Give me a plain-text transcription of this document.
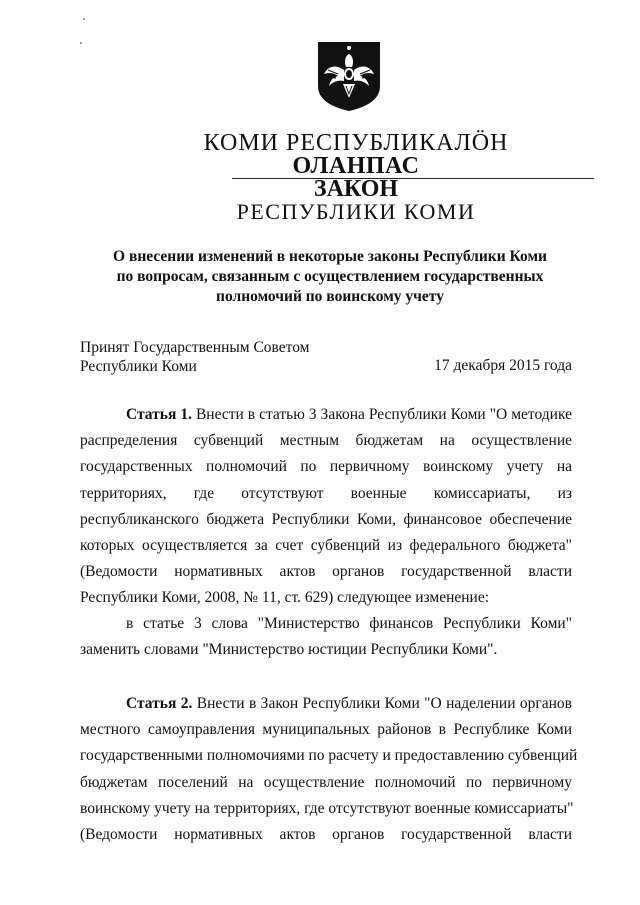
КОМИ РЕСПУБЛИКАЛӦН
ОЛАНПАС
ЗАКОН
РЕСПУБЛИКИ КОМИ
О внесении изменений в некоторые законы Республики Коми
по вопросам, связанным с осуществлением государственных
полномочий по воинскому учету
Принят Государственным Советом
Республики Коми	17 декабря 2015 года
Статья 1. Внести в статью 3 Закона Республики Коми "О методике
распределения субвенций местным бюджетам на осуществление
государственных полномочий по первичному воинскому учету на
территориях, где отсутствуют военные комиссариаты, из
республиканского бюджета Республики Коми, финансовое обеспечение
которых осуществляется за счет субвенций из федерального бюджета"
(Ведомости нормативных актов органов государственной власти
Республики Коми, 2008, № 11, ст. 629) следующее изменение:
в статье 3 слова "Министерство финансов Республики Коми"
заменить словами "Министерство юстиции Республики Коми".
Статья 2. Внести в Закон Республики Коми "О наделении органов
местного самоуправления муниципальных районов в Республике Коми
государственными полномочиями по расчету и предоставлению субвенций
бюджетам поселений на осуществление полномочий по первичному
воинскому учету на территориях, где отсутствуют военные комиссариаты"
(Ведомости нормативных актов органов государственной власти
